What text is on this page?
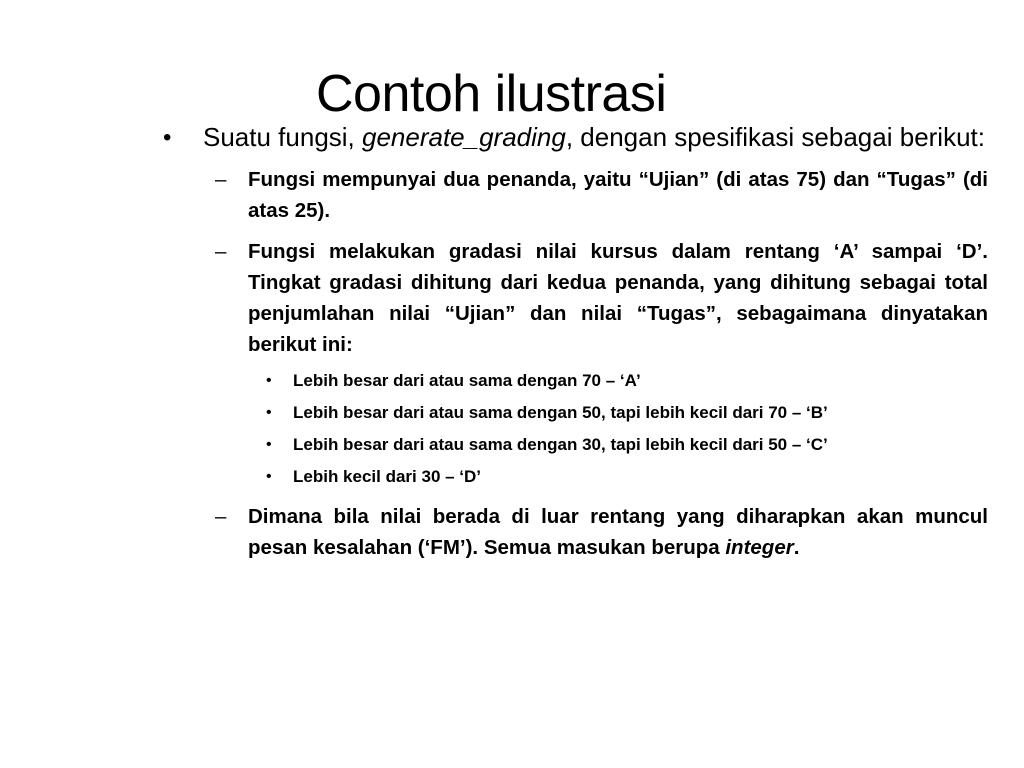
Contoh ilustrasi
• Suatu fungsi, generate_grading, dengan spesifikasi sebagai berikut:
– Fungsi mempunyai dua penanda, yaitu “Ujian” (di atas 75) dan “Tugas” (di atas 25).
– Fungsi melakukan gradasi nilai kursus dalam rentang ‘A’ sampai ‘D’. Tingkat gradasi dihitung dari kedua penanda, yang dihitung sebagai total penjumlahan nilai “Ujian” dan nilai “Tugas”, sebagaimana dinyatakan berikut ini:
• Lebih besar dari atau sama dengan 70 – ‘A’
• Lebih besar dari atau sama dengan 50, tapi lebih kecil dari 70 – ‘B’
• Lebih besar dari atau sama dengan 30, tapi lebih kecil dari 50 – ‘C’
• Lebih kecil dari 30 – ‘D’
– Dimana bila nilai berada di luar rentang yang diharapkan akan muncul pesan kesalahan (‘FM’). Semua masukan berupa integer.
